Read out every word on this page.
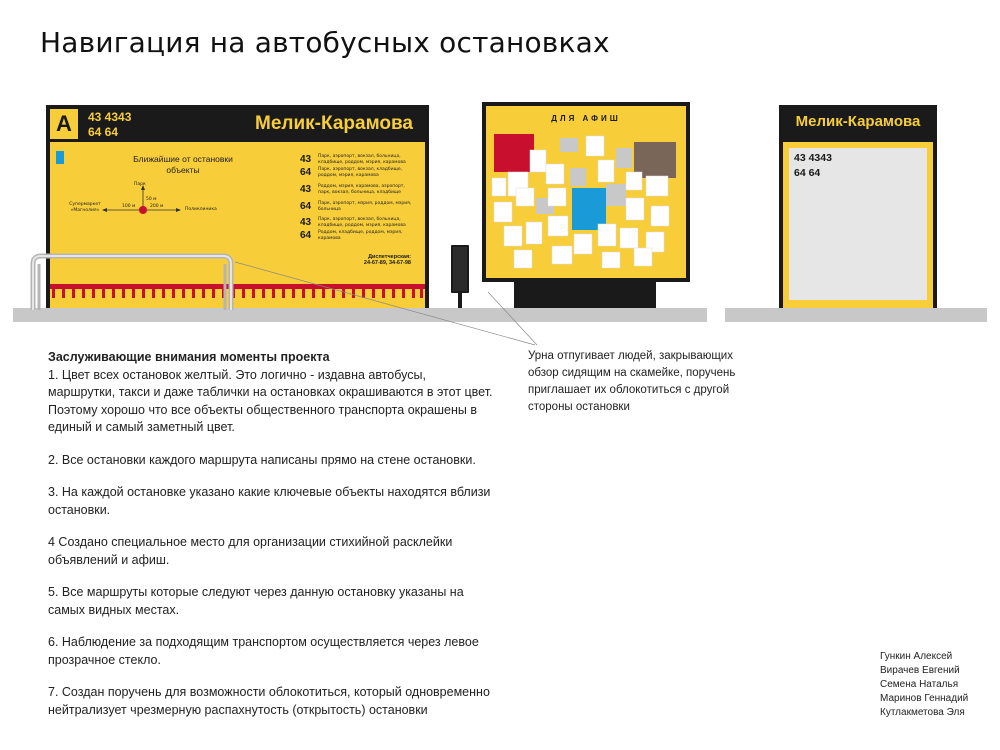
Навигация на автобусных остановках
A 43 4343
64 64	Мелик-Карамова
Ближайшие от остановки объекты
Парк
50 м
Супермаркет «Магнолия»
100 м	200 м
Поликлиника
43	Парк, аэропорт, вокзал, больница, кладбище, роддом, мэрия, карамова
64	Парк, аэропорт, вокзал, кладбище, роддом, мэрия, карамова
43	Роддом, мэрия, карамова, аэропорт, парк, вокзал, больница, кладбище
64	Парк, аэропорт, мэрия, роддом, мэрия, больница
43	Парк, аэропорт, вокзал, больница, кладбище, роддом, мэрия, карамова
64	Роддом, кладбище, роддом, мэрия, карамова
Диспетчерская:
24-67-89, 34-67-98
ДЛЯ АФИШ	Мелик-Карамова
43 4343
64 64
Урна отпугивает людей, закрывающих обзор сидящим на скамейке, поручень приглашает их облокотиться с другой стороны остановки
Заслуживающие внимания моменты проекта

1. Цвет всех остановок желтый. Это логично - издавна автобусы, маршрутки, такси и даже таблички на остановках окрашиваются в этот цвет. Поэтому хорошо что все объекты общественного транспорта окрашены в единый и самый заметный цвет.

2. Все остановки каждого маршрута написаны прямо на стене остановки.

3. На каждой остановке указано какие ключевые объекты находятся вблизи остановки.

4 Создано специальное место для организации стихийной расклейки объявлений и афиш.

5. Все маршруты которые следуют через данную остановку указаны на самых видных местах.

6. Наблюдение за подходящим транспортом осуществляется через левое прозрачное стекло.

7. Создан поручень для возможности облокотиться, который одновременно нейтрализует чрезмерную распахнутость (открытость) остановки

Гункин Алексей
Вирачев Евгений
Семена Наталья
Маринов Геннадий
Кутлакметова Эля
